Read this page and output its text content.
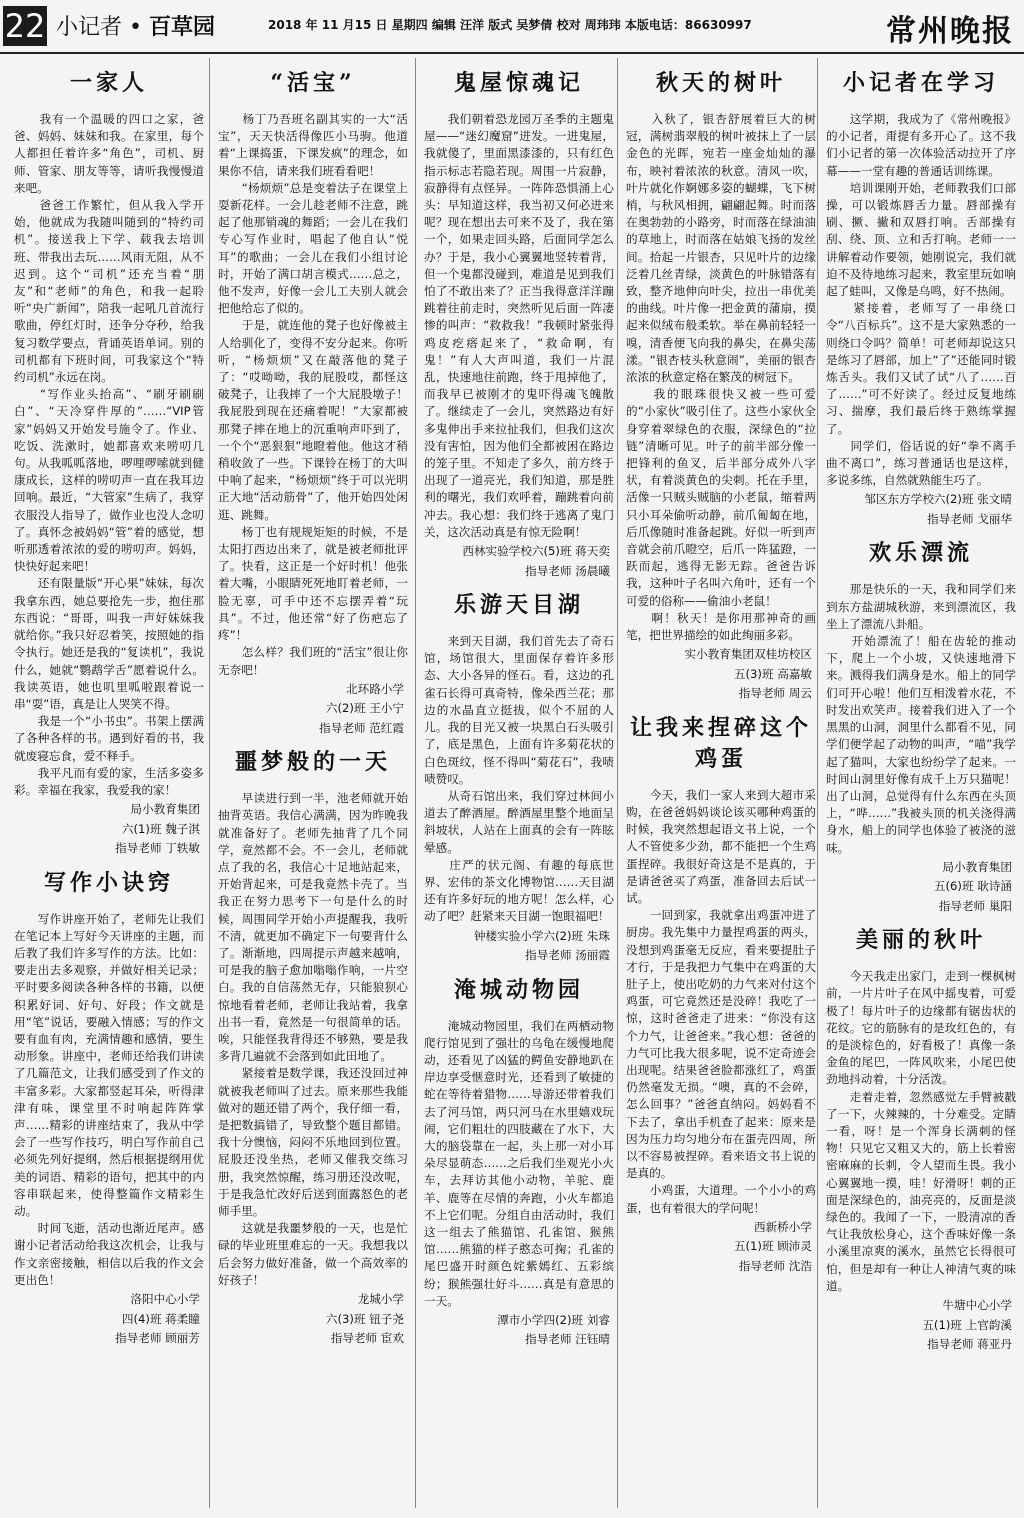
22 小记者 • 百草园	2018 年 11 月15 日 星期四 编辑 汪洋 版式 吴梦倩 校对 周玮玮 本版电话：86630997	常州晚报
一家人

　　我有一个温暖的四口之家，爸爸、妈妈、妹妹和我。在家里，每个人都担任着许多“角色”，司机、厨师、管家、朋友等等，请听我慢慢道来吧。
　　爸爸工作繁忙，但从我入学开始，他就成为我随叫随到的“特约司机”。接送我上下学、载我去培训班、带我出去玩……风雨无阻，从不迟到。这个“司机”还充当着“朋友”和“老师”的角色，和我一起聆听“央广新闻”，陪我一起吼几首流行歌曲，停红灯时，还争分夺秒，给我复习数学要点，背诵英语单词。别的司机都有下班时间，可我家这个“特约司机”永远在岗。
　　“写作业头抬高”、“刷牙刷刷白”、“天冷穿件厚的”……“VIP管家”妈妈又开始发号施令了。作业、吃饭、洗漱时，她都喜欢来唠叨几句。从我呱呱落地，啰哩啰嗦就到健康成长，这样的唠叨声一直在我耳边回响。最近，“大管家”生病了，我穿衣服没人指导了，做作业也没人念叨了。真怀念被妈妈“管”着的感觉，想听那透着浓浓的爱的唠叨声。妈妈，快快好起来吧！
　　还有限量版“开心果”妹妹，每次我拿东西，她总要抢先一步，抱住那东西说：“哥哥，叫我一声好妹妹我就给你。”我只好忍着笑，按照她的指令执行。她还是我的“复读机”，我说什么，她就“鹦鹉学舌”愿着说什么。我读英语，她也叽里呱啦跟着说一串“耍”语，真是让人哭笑不得。
　　我是一个“小书虫”。书架上摆满了各种各样的书。遇到好看的书，我就废寝忘食，爱不释手。
　　我平凡而有爱的家，生活多姿多彩。幸福在我家，我爱我的家！

局小教育集团
六(1)班 魏子淇
指导老师 丁轶敏
写作小诀窍

　　写作讲座开始了，老师先让我们在笔记本上写好今天讲座的主题，而后教了我们许多写作的方法。比如：要走出去多观察，并做好相关记录；平时要多阅读各种各样的书籍，以便积累好词、好句、好段；作文就是用“笔”说话，要融入情感；写的作文要有血有肉，充满情趣和感情，要生动形象。讲座中，老师还给我们讲读了几篇范文，让我们感受到了作文的丰富多彩。大家都竖起耳朵，听得津津有味，课堂里不时响起阵阵掌声……精彩的讲座结束了，我从中学会了一些写作技巧，明白写作前自己必须先列好提纲，然后根据提纲用优美的词语、精彩的语句，把其中的内容串联起来，使得整篇作文精彩生动。
　　时间飞逝，活动也渐近尾声。感谢小记者活动给我这次机会，让我与作文亲密接触，相信以后我的作文会更出色！

洛阳中心小学
四(4)班 蒋柔瞳
指导老师 顾丽芳
“活宝”

　　杨丁乃吾班名副其实的一大“活宝”，天天快活得像匹小马驹。他道着“上课捣蛋，下课发疯”的理念，如果你不信，请来我们班看看吧！
　　“杨烦烦”总是变着法子在课堂上耍新花样。一会儿趁老师不注意，跳起了他那销魂的舞蹈；一会儿在我们专心写作业时，唱起了他自认“悦耳”的歌曲；一会儿在我们小组讨论时，开始了满口胡言模式……总之，他不发声，好像一会儿工夫别人就会把他给忘了似的。
　　于是，就连他的凳子也好像被主人给驯化了，变得不安分起来。你听听，“杨烦烦”又在敲落他的凳子了：“哎呦呦，我的屁股哎，都怪这破凳子，让我摔了一个大屁股墩子！我屁股到现在还痛着呢！”大家都被那凳子摔在地上的沉重响声吓到了，一个个“恶狠狠”地瞪着他。他这才稍稍收敛了一些。下课铃在杨丁的大叫中响了起来，“杨烦烦”终于可以光明正大地“活动筋骨”了，他开始四处闲逛、跳舞。
　　杨丁也有规规矩矩的时候，不是太阳打西边出来了，就是被老师批评了。快看，这正是一个好时机！他张着大嘴，小眼睛死死地盯着老师，一脸无辜，可手中还不忘摆弄着“玩具”。不过，他还常“好了伤疤忘了疼”！
　　怎么样？我们班的“活宝”很让你无奈吧！

北环路小学
六(2)班 王小宁
指导老师 范红霞
噩梦般的一天

　　早读进行到一半，池老师就开始抽背英语。我信心满满，因为昨晚我就准备好了。老师先抽背了几个同学，竟然都不会。不一会儿，老师就点了我的名，我信心十足地站起来，开始背起来，可是我竟然卡壳了。当我正在努力思考下一句是什么的时候，周围同学开始小声提醒我，我听不清，就更加不确定下一句要背什么了。渐渐地，四周提示声越来越响，可是我的脑子愈加嗡嗡作响，一片空白。我的自信荡然无存，只能狼狈心惊地看着老师，老师让我站着，我拿出书一看，竟然是一句很简单的话。唉，只能怪我背得还不够熟，要是我多背几遍就不会落到如此田地了。
　　紧接着是数学课，我还没回过神就被我老师叫了过去。原来那些我能做对的题还错了两个，我仔细一看，是把数搞错了，导致整个题目都错。我十分懊恼，闷闷不乐地回到位置。屁股还没坐热，老师又催我交练习册，我突然惊醒，练习册还没改呢，于是我急忙改好后送到面露怒色的老师手里。
　　这就是我噩梦般的一天，也是忙碌的毕业班里难忘的一天。我想我以后会努力做好准备，做一个高效率的好孩子！

龙城小学
六(3)班 钮子尧
指导老师 宦欢
鬼屋惊魂记

　　我们朝着恐龙园万圣季的主题鬼屋——“迷幻魔窟”进发。一进鬼屋，我就傻了，里面黑漆漆的，只有红色指示标志若隐若现。周围一片寂静，寂静得有点怪异。一阵阵恐惧涌上心头：早知道这样，我当初又何必进来呢？现在想出去可来不及了，我在第一个，如果走回头路，后面同学怎么办？于是，我小心翼翼地竖转着背，但一个鬼都没碰到，难道是见到我们怕了不敢出来了？正当我得意洋洋蹦跳着往前走时，突然听见后面一阵凄惨的叫声：“救救我！”我顿时紧张得鸡皮疙瘩起来了，“救命啊，有鬼！”有人大声叫道，我们一片混乱，快速地往前跑，终于甩掉他了，而我早已被刚才的鬼吓得魂飞魄散了。继续走了一会儿，突然路边有好多鬼伸出手来拉扯我们，但我们这次没有害怕，因为他们全都被困在路边的笼子里。不知走了多久，前方终于出现了一道亮光，我们知道，那是胜利的曙光，我们欢呼着，蹦跳着向前冲去。我心想：我们终于逃离了鬼门关，这次活动真是有惊无险啊！

西林实验学校六(5)班 蒋天奕
指导老师 汤晨曦
乐游天目湖

　　来到天目湖，我们首先去了奇石馆，场馆很大，里面保存着许多形态、大小各异的怪石。看，这边的孔雀石长得可真奇特，像朵西兰花；那边的水晶直立挺拔，似个不屈的人儿。我的目光又被一块黑白石头吸引了，底是黑色，上面有许多菊花状的白色斑纹，怪不得叫“菊花石”，我啧啧赞叹。
　　从奇石馆出来，我们穿过林间小道去了醉酒屋。醉酒屋里整个地面呈斜坡状，人站在上面真的会有一阵眩晕感。
　　庄严的状元阁、有趣的每底世界、宏伟的茶文化博物馆……天目湖还有许多好玩的地方呢！怎么样，心动了吧？赶紧来天目湖一饱眼福吧！

钟楼实验小学六(2)班 朱珠
指导老师 汤丽霞
淹城动物园

　　淹城动物园里，我们在两栖动物爬行馆见到了强壮的乌龟在缓慢地爬动，还看见了凶猛的鳄鱼安静地趴在岸边享受惬意时光，还看到了敏捷的蛇在等待着猎物……导游还带着我们去了河马馆，两只河马在水里嬉戏玩闹，它们粗壮的四肢藏在了水下，大大的脑袋靠在一起，头上那一对小耳朵尽显萌态……之后我们坐观光小火车，去拜访其他小动物，羊驼、鹿羊、鹿等在尽情的奔跑，小火车都追不上它们呢。分组自由活动时，我们这一组去了熊猫馆、孔雀馆、猴熊馆……熊猫的样子憨态可掬；孔雀的尾巴盛开时颜色姹紫嫣红、五彩缤纷；猴熊强壮好斗……真是有意思的一天。

潭市小学四(2)班 刘睿
指导老师 汪钰晴
秋天的树叶

　　入秋了，银杏舒展着巨大的树冠，满树翡翠般的树叶被抹上了一层金色的光晖，宛若一座金灿灿的瀑布，映衬着浓浓的秋意。清风一吹，叶片就化作婀娜多姿的蝴蝶，飞下树梢，与秋风相拥，翩翩起舞。时而落在奥勃勃的小路旁，时而落在绿油油的草地上，时而落在姑娘飞扬的发丝间。拾起一片银杏，只见叶片的边缘泛着几丝青绿，淡黄色的叶脉错落有致，整齐地伸向叶尖，拉出一串优美的曲线。叶片像一把金黄的蒲扇，摸起来似绒布般柔软。举在鼻前轻轻一嗅，清香便飞向我的鼻尖，在鼻尖荡漾。“银杏枝头秋意闹”，美丽的银杏浓浓的秋意定格在繁茂的树冠下。
　　我的眼珠很快又被一些可爱的“小家伙”吸引住了。这些小家伙全身穿着翠绿色的衣服，深绿色的“拉链”清晰可见。叶子的前半部分像一把锋利的鱼叉，后半部分成外八字状，有着淡黄色的尖刺。托在手里，活像一只贼头贼脑的小老鼠，缩着两只小耳朵偷听动静，前爪匍匐在地，后爪像随时准备起跳。好似一听到声音就会前爪瞪空，后爪一阵猛蹬，一跃而起，逃得无影无踪。爸爸告诉我，这种叶子名叫六角叶，还有一个可爱的俗称——偷油小老鼠！
　　啊！秋天！是你用那神奇的画笔，把世界描绘的如此绚丽多彩。

实小教育集团双桂坊校区
五(3)班 高嘉敏
指导老师 周云
让我来捏碎这个鸡蛋

　　今天，我们一家人来到大超市采购，在爸爸妈妈谈论该买哪种鸡蛋的时候，我突然想起语文书上说，一个人不管使多少劲，都不能把一个生鸡蛋捏碎。我很好奇这是不是真的，于是请爸爸买了鸡蛋，准备回去后试一试。
　　一回到家，我就拿出鸡蛋冲进了厨房。我先集中力量捏鸡蛋的两头，没想到鸡蛋毫无反应，看来要提肚子才行，于是我把力气集中在鸡蛋的大肚子上，使出吃奶的力气来对付这个鸡蛋，可它竟然还是没碎！我吃了一惊，这时爸爸走了进来：“你没有这个力气，让爸爸来。”我心想：爸爸的力气可比我大很多呢，说不定奇迹会出现呢。结果爸爸脸都涨红了，鸡蛋仍然毫发无损。“噢，真的不会碎，怎么回事？”爸爸直纳闷。妈妈看不下去了，拿出手机查了起来：原来是因为压力均匀地分布在蛋壳四周，所以不容易被捏碎。看来语文书上说的是真的。
　　小鸡蛋，大道理。一个小小的鸡蛋，也有着很大的学问呢！

西新桥小学
五(1)班 顾沛灵
指导老师 沈浩
小记者在学习

　　这学期，我成为了《常州晚报》的小记者，甭提有多开心了。这不我们小记者的第一次体验活动拉开了序幕——一堂有趣的普通话训练课。
　　培训课刚开始，老师教我们口部操，可以锻炼唇舌力量。唇部操有刷、撅、撇和双唇打响。舌部操有刮、绕、顶、立和舌打响。老师一一讲解着动作要领，她刚说完，我们就迫不及待地练习起来，教室里玩如响起了蛙叫，又像是乌鸣，好不热闹。
　　紧接着，老师写了一串绕口令“八百标兵”。这不是大家熟悉的一则绕口令吗？简单！可老师却说这只是练习了唇部，加上“了”还能同时锻炼舌头。我们又试了试“八了……百了……”可不好读了。经过反复地练习、揣摩，我们最后终于熟练掌握了。
　　同学们，俗话说的好“拳不离手曲不离口”，练习普通话也是这样，多说多练，自然就熟能生巧了。

邹区东方学校六(2)班 张文晴
指导老师 戈丽华
欢乐漂流

　　那是快乐的一天，我和同学们来到东方盐湖城秋游，来到漂流区，我坐上了漂流八卦船。
　　开始漂流了！船在齿轮的推动下，爬上一个小坡，又快速地滑下来。溅得我们满身是水。船上的同学们可开心啦！他们互相泼着水花，不时发出欢笑声。接着我们进入了一个黑黑的山洞，洞里什么都看不见，同学们便学起了动物的叫声，“喵”我学起了猫叫，大家也纷纷学了起来。一时间山洞里好像有成千上万只猫呢！出了山洞，总觉得有什么东西在头顶上，“哗……”我被头顶的机关浇得满身水，船上的同学也体验了被浇的滋味。

局小教育集团
五(6)班 耿诗涵
指导老师 巢阳
美丽的秋叶

　　今天我走出家门，走到一棵枫树前，一片片叶子在风中摇曳着，可爱极了！每片叶子的边缘都有锯齿状的花纹。它的筋脉有的是玫红色的，有的是淡棕色的，好看极了！真像一条金鱼的尾巴，一阵风吹来，小尾巴使劲地抖动着，十分活泼。
　　走着走着，忽然感觉左手臂被戳了一下，火辣辣的，十分难受。定睛一看，呀！是一个浑身长满刺的怪物！只见它又粗又大的，筋上长着密密麻麻的长刺，令人望而生畏。我小心翼翼地一摸，哇！好滑呀！刺的正面是深绿色的，油亮亮的，反面是淡绿色的。我闻了一下，一股清凉的香气让我放松身心，这个香味好像一条小溪里凉爽的溪水，虽然它长得很可怕，但是却有一种让人神清气爽的味道。

牛塘中心小学
五(1)班 上官韵溪
指导老师 蒋亚丹
